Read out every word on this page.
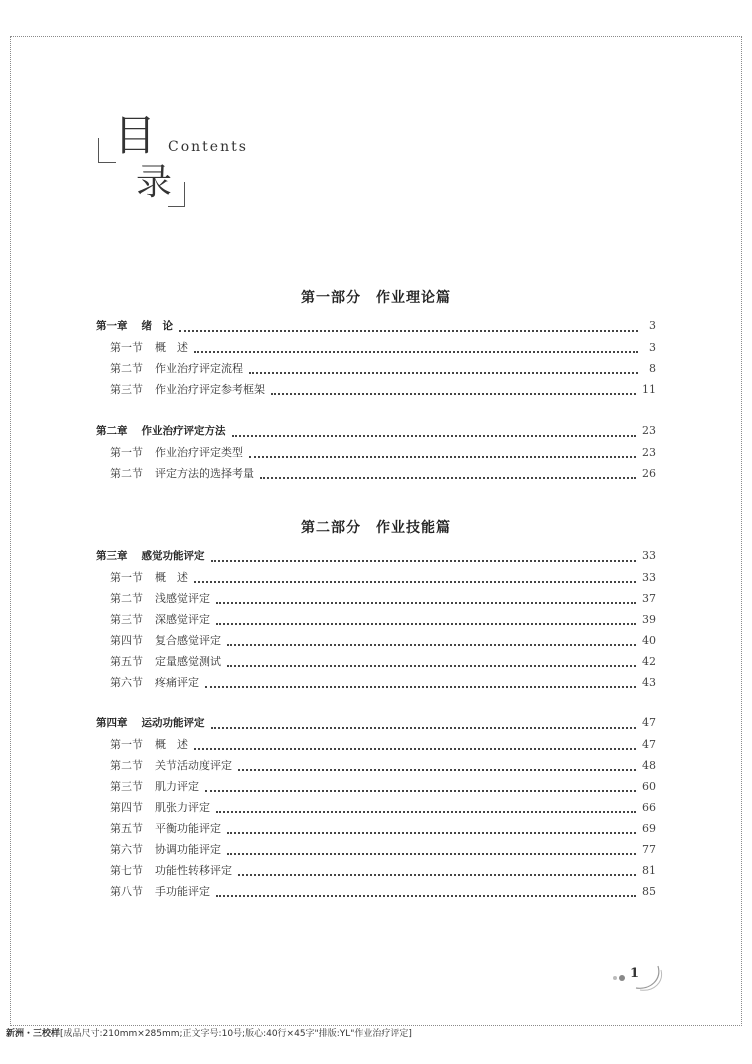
目 Contents
录
第一部分　作业理论篇
第一章 绪　论	3
第一节 概　述	3
第二节 作业治疗评定流程	8
第三节 作业治疗评定参考框架	11
第二章 作业治疗评定方法	23
第一节 作业治疗评定类型	23
第二节 评定方法的选择考量	26
第二部分　作业技能篇
第三章 感觉功能评定	33
第一节 概　述	33
第二节 浅感觉评定	37
第三节 深感觉评定	39
第四节 复合感觉评定	40
第五节 定量感觉测试	42
第六节 疼痛评定	43
第四章 运动功能评定	47
第一节 概　述	47
第二节 关节活动度评定	48
第三节 肌力评定	60
第四节 肌张力评定	66
第五节 平衡功能评定	69
第六节 协调功能评定	77
第七节 功能性转移评定	81
第八节 手功能评定	85
1
新洲・三校样[成品尺寸:210mm×285mm;正文字号:10号;版心:40行×45字"排版:YL"作业治疗评定]
